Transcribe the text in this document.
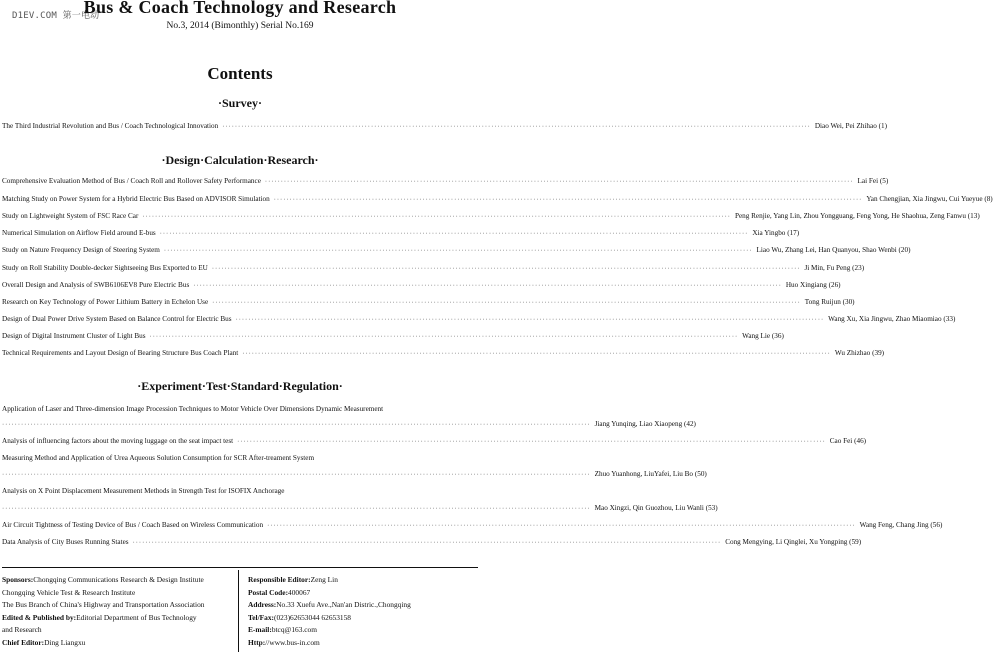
D1EV.COM 第一电动
Bus & Coach Technology and Research
No.3, 2014 (Bimonthly) Serial No.169
Contents
·Survey·
The Third Industrial Revolution and Bus / Coach Technological Innovation ·····	Diao Wei, Pei Zhihao (1)
·Design·Calculation·Research·
Comprehensive Evaluation Method of Bus / Coach Roll and Rollover Safety Performance ·····	Lai Fei (5)
Matching Study on Power System for a Hybrid Electric Bus Based on ADVISOR Simulation ·····	Yan Chengjian, Xia Jingwu, Cui Yueyue (8)
Study on Lightweight System of FSC Race Car ·····	Peng Renjie, Yang Lin, Zhou Yongguang, Feng Yong, He Shaohua, Zeng Fanwu (13)
Numerical Simulation on Airflow Field around E-bus ·····	Xia Yingbo (17)
Study on Nature Frequency Design of Steering System ·····	Liao Wu, Zhang Lei, Han Quanyou, Shao Wenbi (20)
Study on Roll Stability Double-decker Sightseeing Bus Exported to EU ·····	Ji Min, Fu Peng (23)
Overall Design and Analysis of SWB6106EV8 Pure Electric Bus ·····	Huo Xingiang (26)
Research on Key Technology of Power Lithium Battery in Echelon Use ·····	Tong Ruijun (30)
Design of Dual Power Drive System Based on Balance Control for Electric Bus ·····	Wang Xu, Xia Jingwu, Zhao Miaomiao (33)
Design of Digital Instrument Cluster of Light Bus ·····	Wang Lie (36)
Technical Requirements and Layout Design of Bearing Structure Bus Coach Plant ·····	Wu Zhizhao (39)
·Experiment·Test·Standard·Regulation·
Application of Laser and Three-dimension Image Procession Techniques to Motor Vehicle Over Dimensions Dynamic Measurement
·····
Jiang Yunqing, Liao Xiaopeng (42)
Analysis of influencing factors about the moving luggage on the seat impact test ·····	Cao Fei (46)
Measuring Method and Application of Urea Aqueous Solution Consumption for SCR After-treament System
·····
Zhuo Yuanhong, LiuYafei, Liu Bo (50)
Analysis on X Point Displacement Measurement Methods in Strength Test for ISOFIX Anchorage
·····
Mao Xingzi, Qin Guozhou, Liu Wanli (53)
Air Circuit Tightness of Testing Device of Bus / Coach Based on Wireless Communication ·····	Wang Feng, Chang Jing (56)
Data Analysis of City Buses Running States ·····	Cong Mengying, Li Qinglei, Xu Yongping (59)
Sponsors:Chongqing Communications Research & Design Institute
Chongqing Vehicle Test & Research Institute
The Bus Branch of China's Highway and Transportation Association
Edited & Published by:Editorial Department of Bus Technology
and Research
Chief Editor:Ding Liangxu
Responsible Editor:Zeng Lin
Postal Code:400067
Address:No.33 Xuefu Ave.,Nan'an Distric.,Chongqing
Tel/Fax:(023)62653044 62653158
E-mail:btcq@163.com
Http://www.bus-in.com
